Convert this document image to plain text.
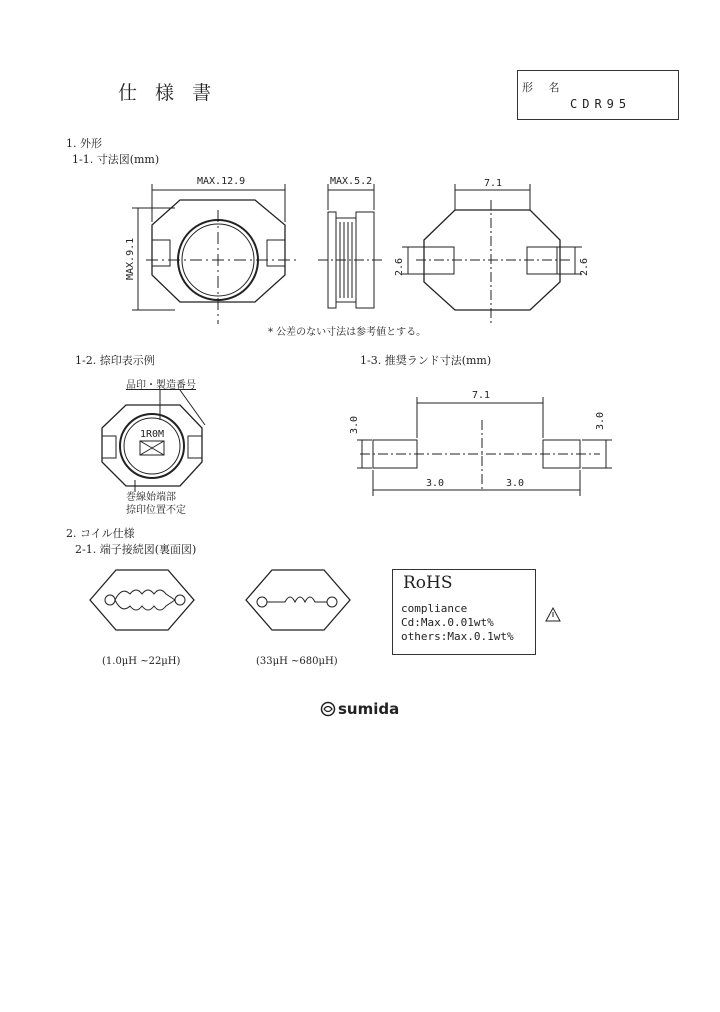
仕 様 書	形 名
CDR95
1. 外形
1-1. 寸法図(mm)
MAX.12.9	MAX.5.2	7.1
MAX.9.1	2.6	2.6
7.1
3.0	3.0
3.0	3.0
1R0M
* 公差のない寸法は参考値とする。
1-2. 捺印表示例	1-3. 推奨ランド寸法(mm)
品印・製造番号
巻線始端部
捺印位置不定
2. コイル仕様
2-1. 端子接続図(裏面図)
(1.0μH ~22μH)	(33μH ~680μH)
RoHS
compliance
Cd:Max.0.01wt%
others:Max.0.1wt%
sumida
